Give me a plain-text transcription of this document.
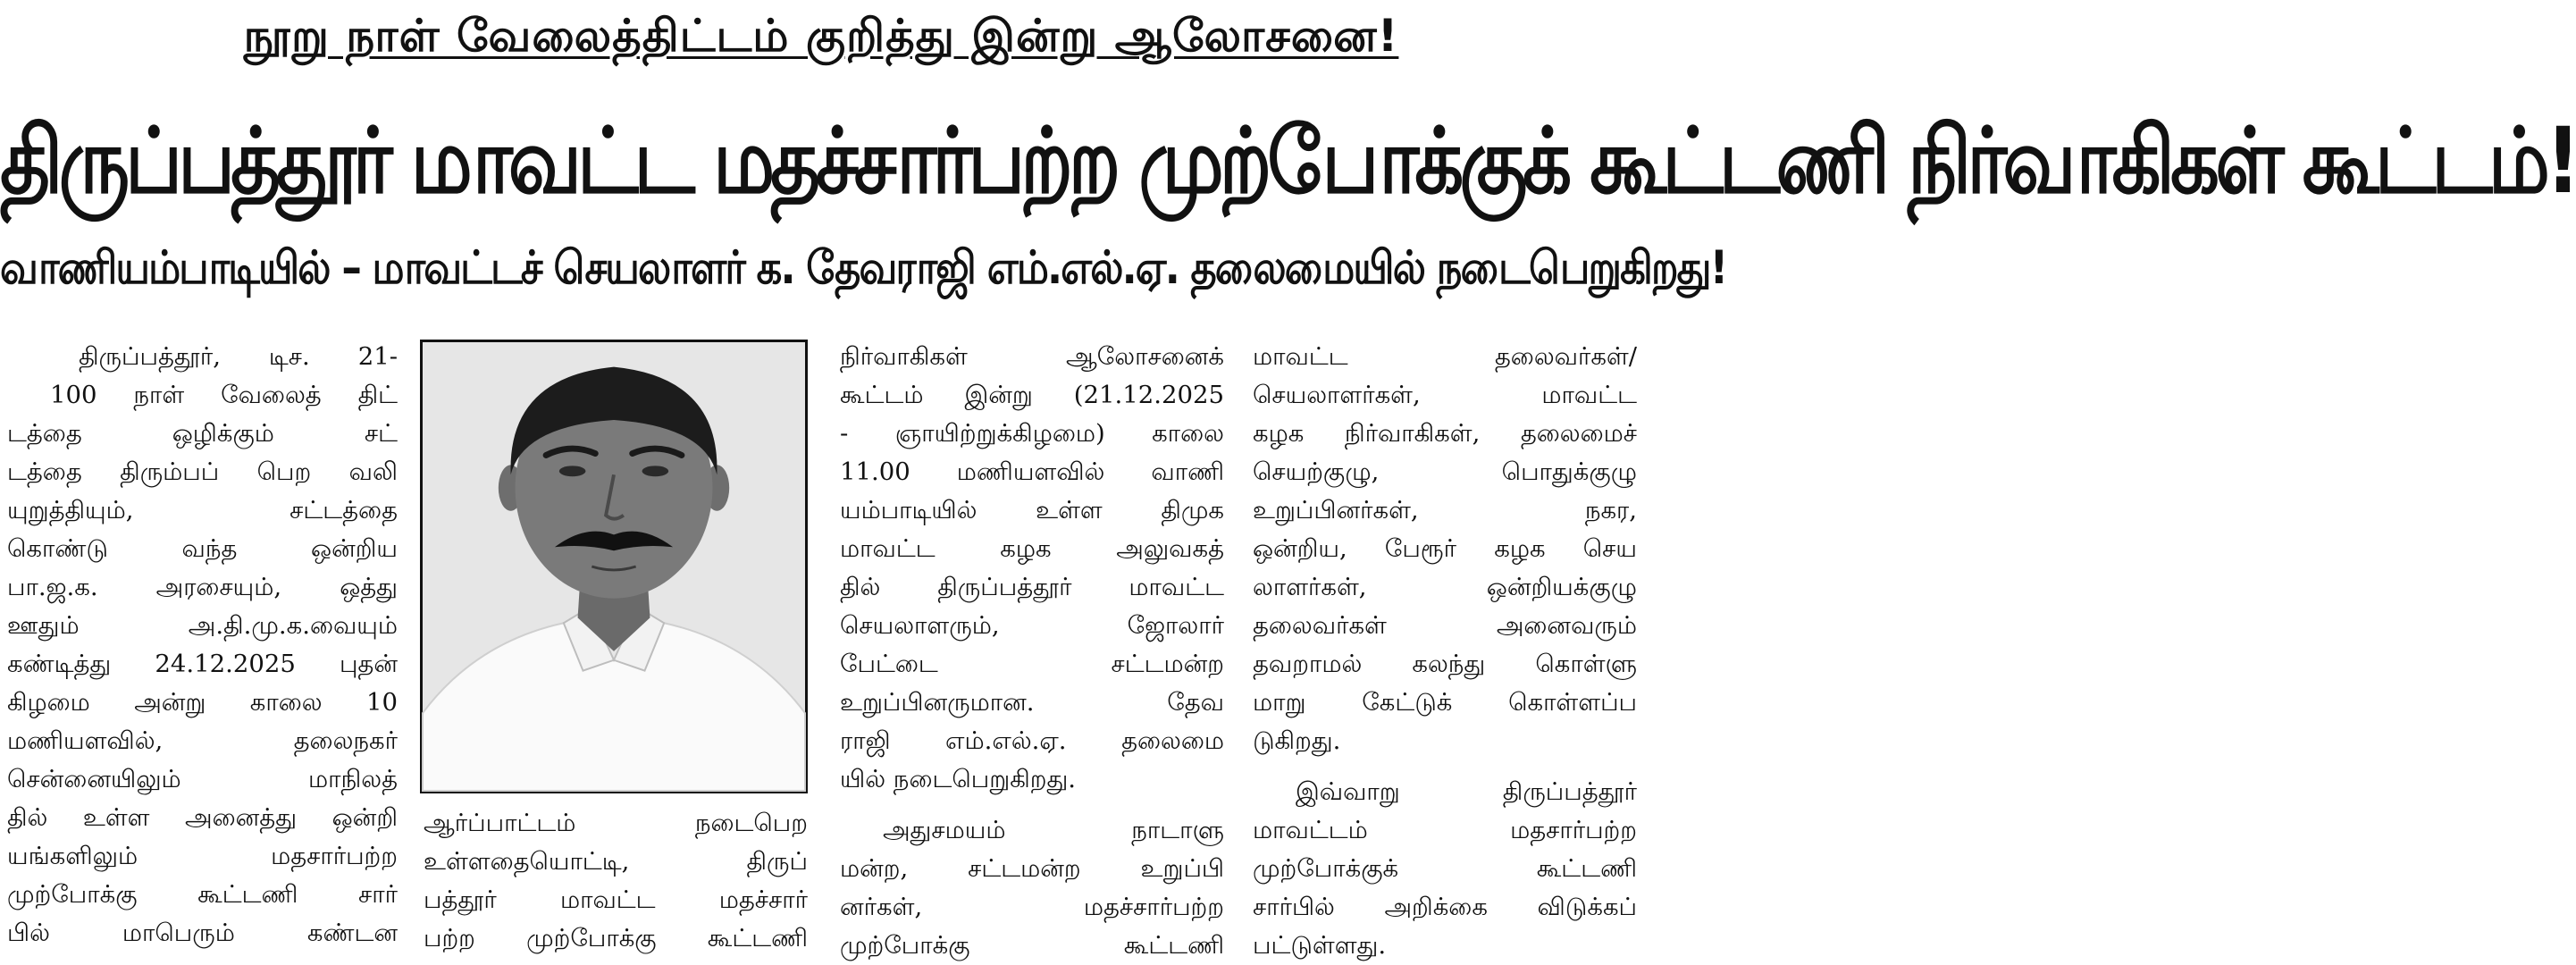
நூறு நாள் வேலைத்திட்டம் குறித்து இன்று ஆலோசனை!
திருப்பத்தூர் மாவட்ட மதச்சார்பற்ற முற்போக்குக் கூட்டணி நிர்வாகிகள் கூட்டம்!
வாணியம்பாடியில் – மாவட்டச் செயலாளர் க. தேவராஜி எம்.எல்.ஏ. தலைமையில் நடைபெறுகிறது!

திருப்பத்தூர், டிச. 21-

100 நாள் வேலைத் திட்

டத்தை ஒழிக்கும் சட்

டத்தை திரும்பப் பெற வலி

யுறுத்தியும், சட்டத்தை

கொண்டு வந்த ஒன்றிய

பா.ஜ.க. அரசையும், ஒத்து

ஊதும் அ.தி.மு.க.வையும்

கண்டித்து 24.12.2025 புதன்

கிழமை அன்று காலை 10

மணியளவில், தலைநகர்

சென்னையிலும் மாநிலத்

தில் உள்ள அனைத்து ஒன்றி

யங்களிலும் மதசார்பற்ற

முற்போக்கு கூட்டணி சார்

பில் மாபெரும் கண்டன

ஆர்ப்பாட்டம் நடைபெற

உள்ளதையொட்டி, திருப்

பத்தூர் மாவட்ட மதச்சார்

பற்ற முற்போக்கு கூட்டணி

நிர்வாகிகள் ஆலோசனைக்

கூட்டம் இன்று (21.12.2025

- ஞாயிற்றுக்கிழமை) காலை

11.00 மணியளவில் வாணி

யம்பாடியில் உள்ள திமுக

மாவட்ட கழக அலுவகத்

தில் திருப்பத்தூர் மாவட்ட

செயலாளரும், ஜோலார்

பேட்டை சட்டமன்ற

உறுப்பினருமான. தேவ

ராஜி எம்.எல்.ஏ. தலைமை

யில் நடைபெறுகிறது.

அதுசமயம் நாடாளு

மன்ற, சட்டமன்ற உறுப்பி

னர்கள், மதச்சார்பற்ற

முற்போக்கு கூட்டணி

மாவட்ட தலைவர்கள்/

செயலாளர்கள், மாவட்ட

கழக நிர்வாகிகள், தலைமைச்

செயற்குழு, பொதுக்குழு

உறுப்பினர்கள், நகர,

ஒன்றிய, பேரூர் கழக செய

லாளர்கள், ஒன்றியக்குழு

தலைவர்கள் அனைவரும்

தவறாமல் கலந்து கொள்ளு

மாறு கேட்டுக் கொள்ளப்ப

டுகிறது.

இவ்வாறு திருப்பத்தூர்

மாவட்டம் மதசார்பற்ற

முற்போக்குக் கூட்டணி

சார்பில் அறிக்கை விடுக்கப்

பட்டுள்ளது.
